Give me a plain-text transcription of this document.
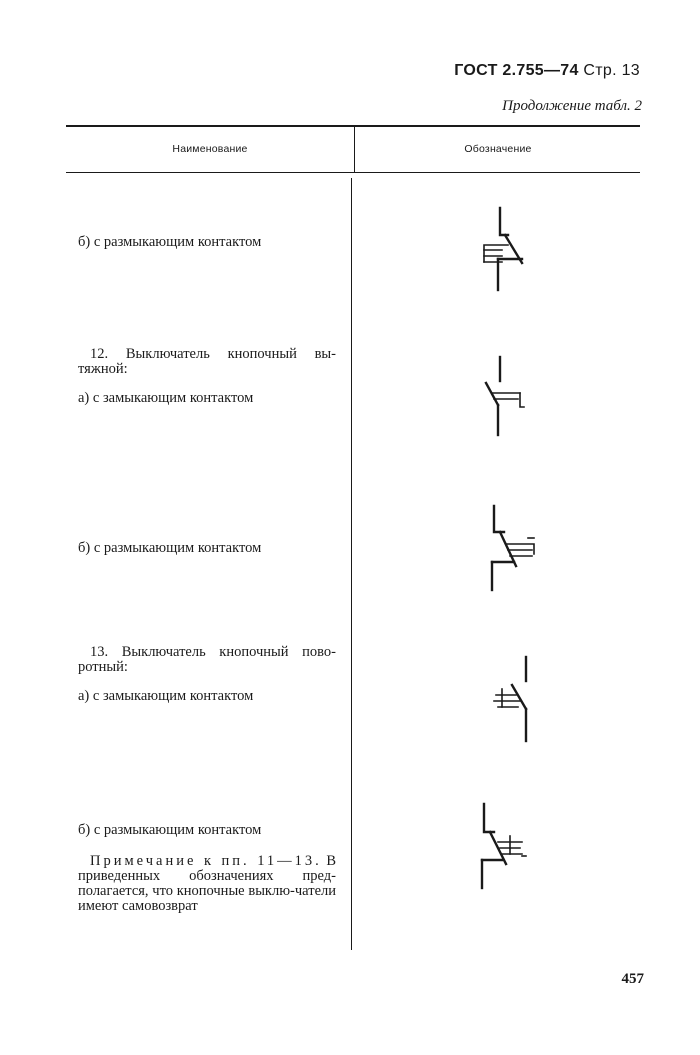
ГОСТ 2.755—74 Стр. 13
Продолжение табл. 2
Наименование	Обозначение
б) с размыкающим контактом
12. Выключатель кнопочный вы-тяжной:
а) с замыкающим контактом
б) с размыкающим контактом
13. Выключатель кнопочный пово-ротный:
а) с замыкающим контактом
б) с размыкающим контактом
Примечание к пп. 11—13. В приведенных обозначениях пред-полагается, что кнопочные выклю-чатели имеют самовозврат
457
